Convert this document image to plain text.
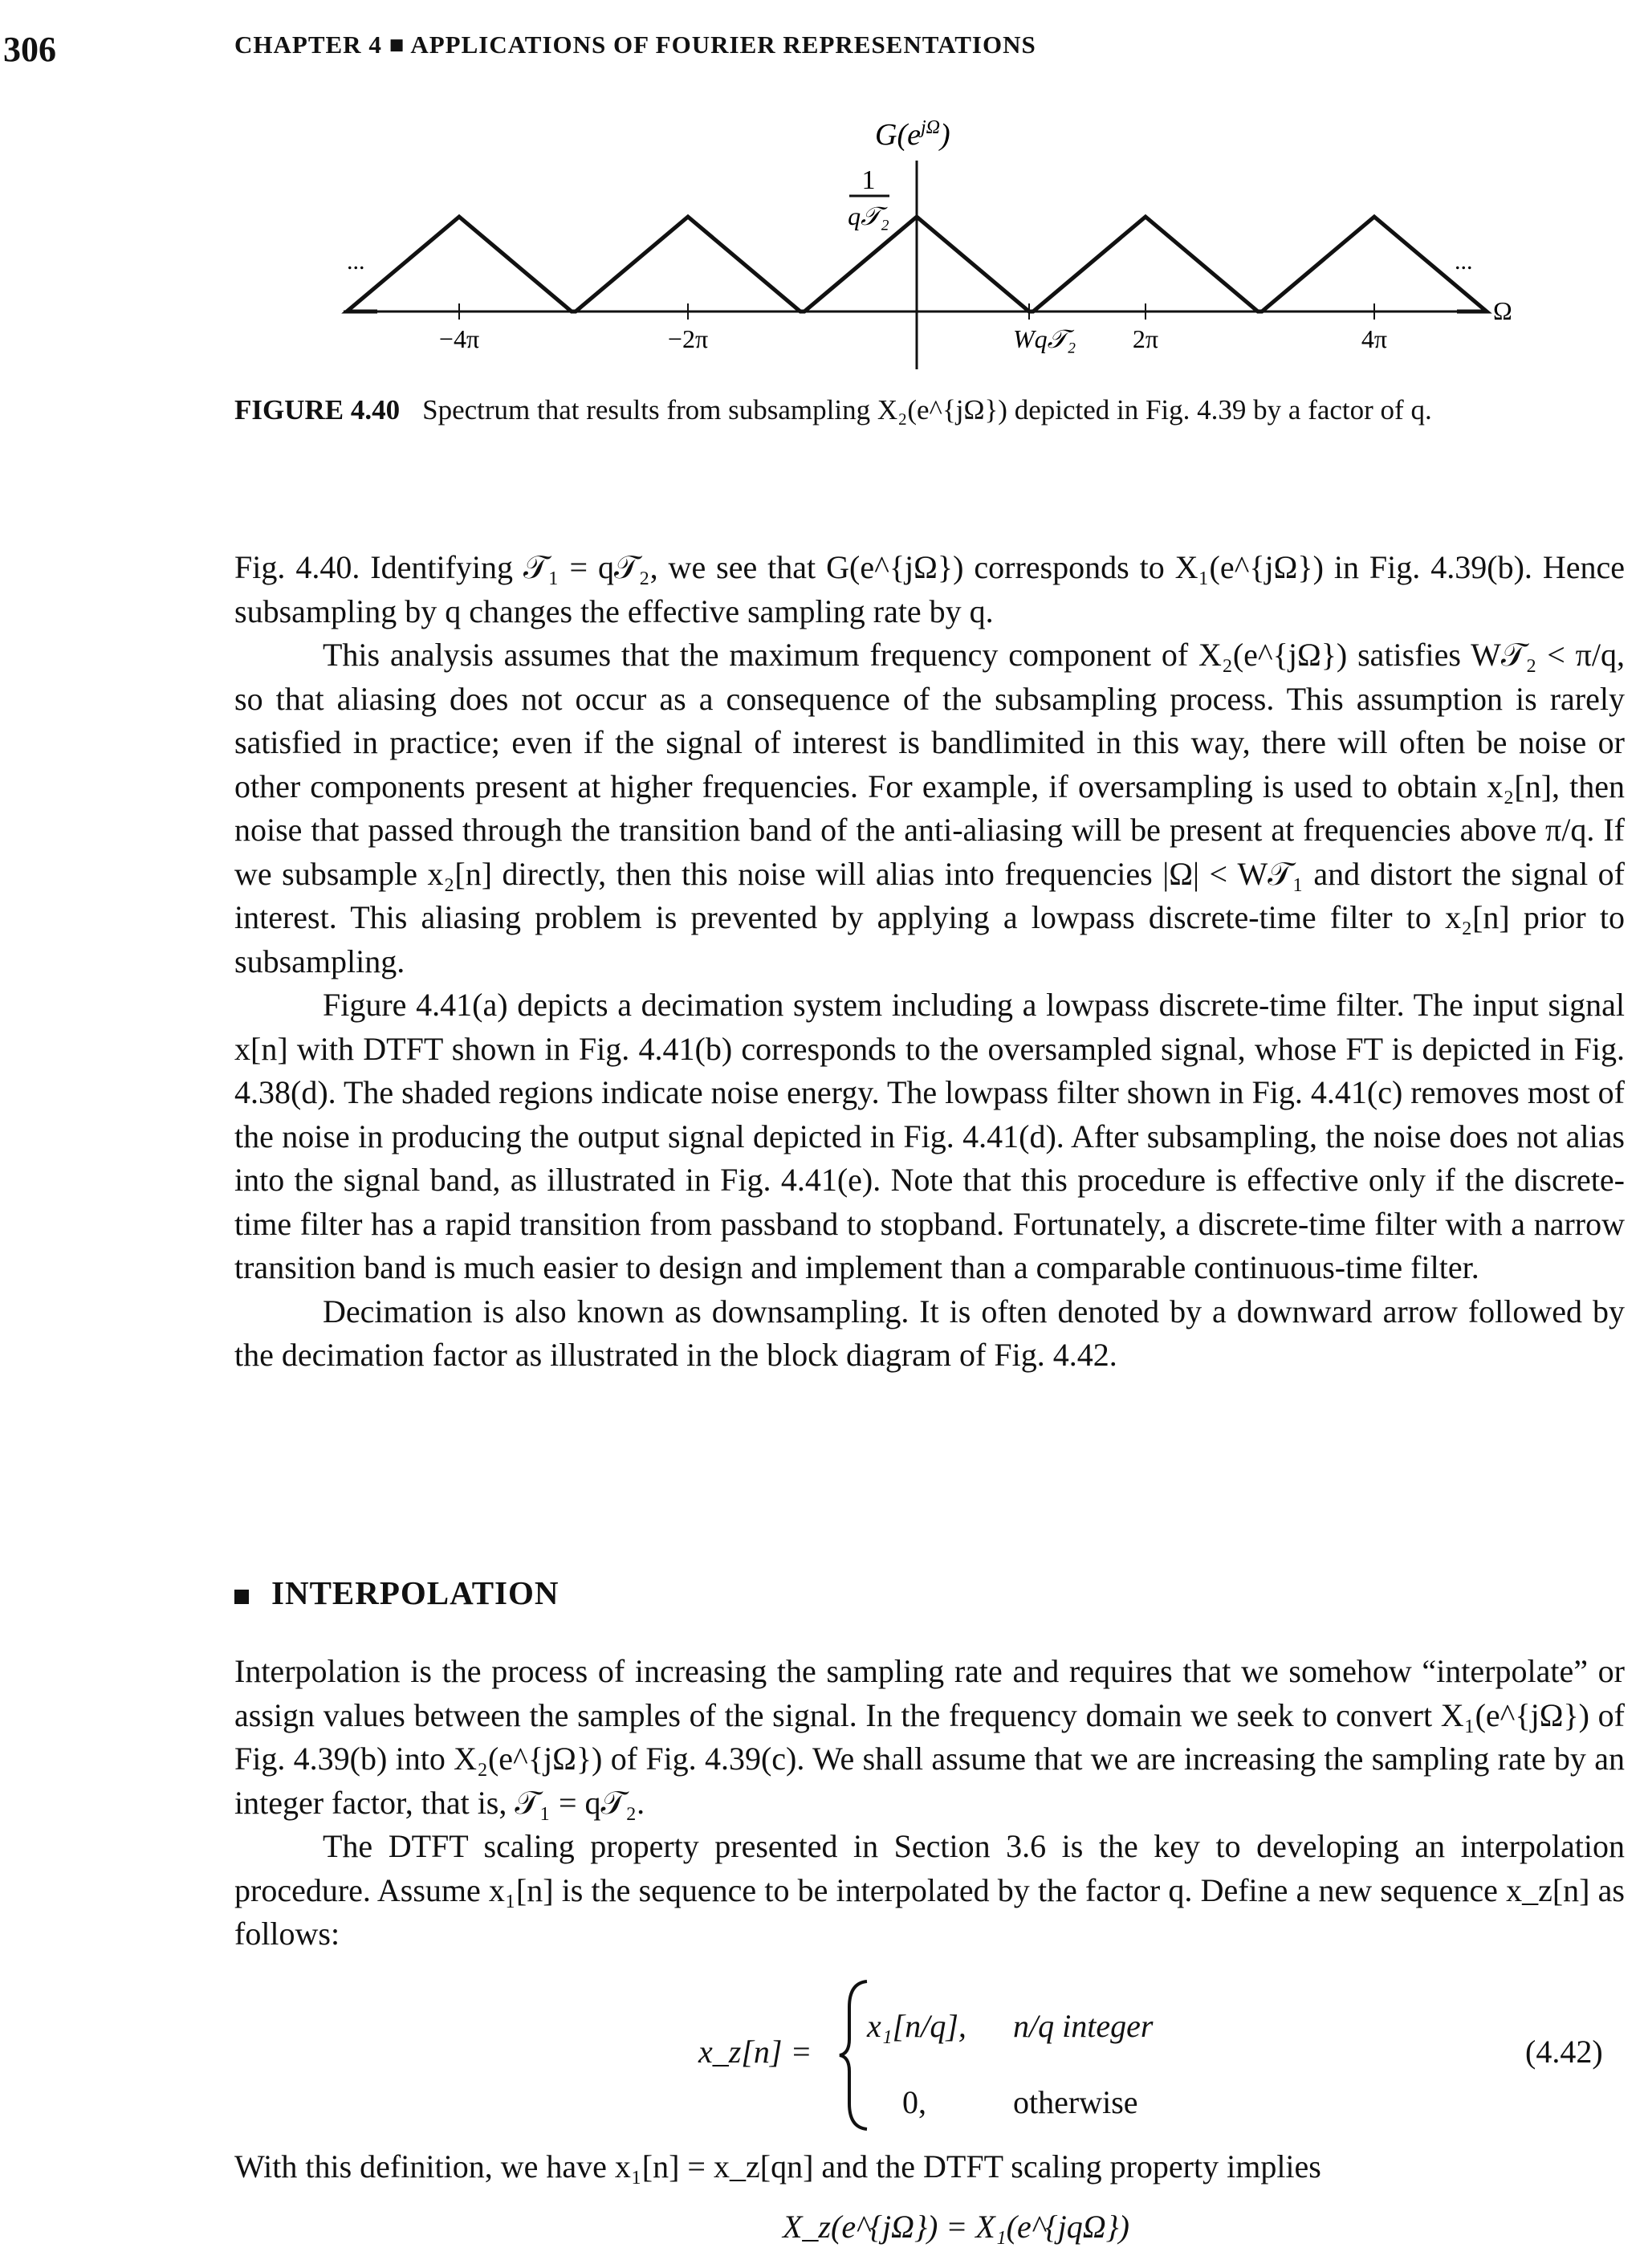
306	CHAPTER 4 ■ APPLICATIONS OF FOURIER REPRESENTATIONS
$G(e^{j\Omega})$
1
q𝒯₂
...	...
Ω
−4π	−2π	Wq𝒯₂ 2π	4π
FIGURE 4.40 Spectrum that results from subsampling X₂(e^{jΩ}) depicted in Fig. 4.39 by a factor of q.

Fig. 4.40. Identifying 𝒯₁ = q𝒯₂, we see that G(e^{jΩ}) corresponds to X₁(e^{jΩ}) in Fig. 4.39(b). Hence subsampling by q changes the effective sampling rate by q.

This analysis assumes that the maximum frequency component of X₂(e^{jΩ}) satisfies W𝒯₂ < π/q, so that aliasing does not occur as a consequence of the subsampling process. This assumption is rarely satisfied in practice; even if the signal of interest is bandlimited in this way, there will often be noise or other components present at higher frequencies. For example, if oversampling is used to obtain x₂[n], then noise that passed through the transition band of the anti-aliasing will be present at frequencies above π/q. If we subsample x₂[n] directly, then this noise will alias into frequencies |Ω| < W𝒯₁ and distort the signal of interest. This aliasing problem is prevented by applying a lowpass discrete-time filter to x₂[n] prior to subsampling.

Figure 4.41(a) depicts a decimation system including a lowpass discrete-time filter. The input signal x[n] with DTFT shown in Fig. 4.41(b) corresponds to the oversampled signal, whose FT is depicted in Fig. 4.38(d). The shaded regions indicate noise energy. The lowpass filter shown in Fig. 4.41(c) removes most of the noise in producing the output signal depicted in Fig. 4.41(d). After subsampling, the noise does not alias into the signal band, as illustrated in Fig. 4.41(e). Note that this procedure is effective only if the discrete-time filter has a rapid transition from passband to stopband. Fortunately, a discrete-time filter with a narrow transition band is much easier to design and implement than a comparable continuous-time filter.

Decimation is also known as downsampling. It is often denoted by a downward arrow followed by the decimation factor as illustrated in the block diagram of Fig. 4.42.

INTERPOLATION

Interpolation is the process of increasing the sampling rate and requires that we somehow “interpolate” or assign values between the samples of the signal. In the frequency domain we seek to convert X₁(e^{jΩ}) of Fig. 4.39(b) into X₂(e^{jΩ}) of Fig. 4.39(c). We shall assume that we are increasing the sampling rate by an integer factor, that is, 𝒯₁ = q𝒯₂.

The DTFT scaling property presented in Section 3.6 is the key to developing an interpolation procedure. Assume x₁[n] is the sequence to be interpolated by the factor q. Define a new sequence x_z[n] as follows:

x_z[n] =
x₁[n/q], n/q integer
0,	otherwise
(4.42)

With this definition, we have x₁[n] = x_z[qn] and the DTFT scaling property implies

X_z(e^{jΩ}) = X₁(e^{jqΩ})
